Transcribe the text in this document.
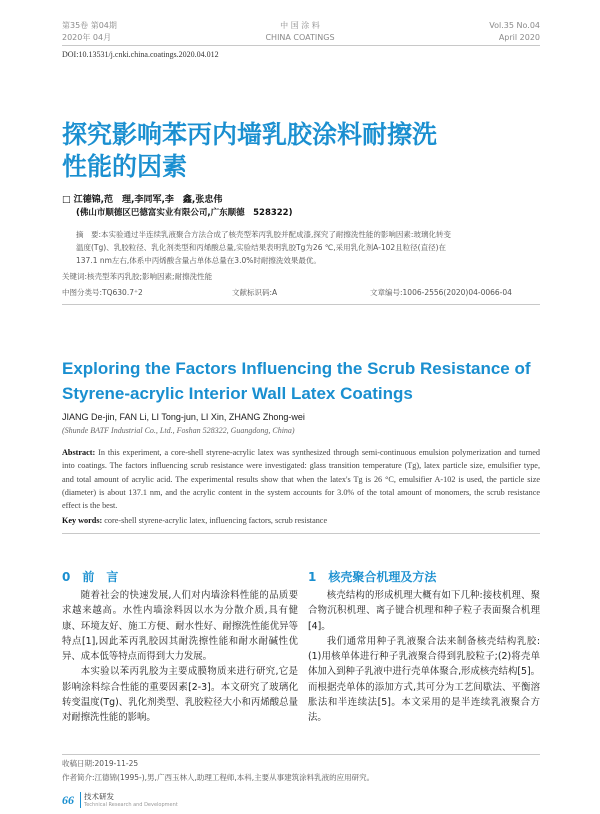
第35卷 第04期
2020年 04月
中 国 涂 料
CHINA COATINGS
Vol.35 No.04
April 2020
DOI:10.13531/j.cnki.china.coatings.2020.04.012
探究影响苯丙内墙乳胶涂料耐擦洗
性能的因素
□ 江德锦,范　理,李同军,李　鑫,张忠伟
(佛山市顺德区巴德富实业有限公司,广东顺德　528322)
摘　要:本实验通过半连续乳液聚合方法合成了核壳型苯丙乳胶并配成漆,探究了耐擦洗性能的影响因素:玻璃化转变
温度(Tg)、乳胶粒径、乳化剂类型和丙烯酸总量,实验结果表明乳胶Tg为26 ℃,采用乳化剂A-102且粒径(直径)在
137.1 nm左右,体系中丙烯酸含量占单体总量在3.0%时耐擦洗效果最优。
关键词:核壳型苯丙乳胶;影响因素;耐擦洗性能
中图分类号:TQ630.7⁺2	文献标识码:A	文章编号:1006-2556(2020)04-0066-04
Exploring the Factors Influencing the Scrub Resistance of
Styrene-acrylic Interior Wall Latex Coatings
JIANG De-jin, FAN Li, LI Tong-jun, LI Xin, ZHANG Zhong-wei
(Shunde BATF Industrial Co., Ltd., Foshan 528322, Guangdong, China)
Abstract: In this experiment, a core-shell styrene-acrylic latex was synthesized through semi-continuous emulsion polymerization and turned into coatings. The factors influencing scrub resistance were investigated: glass transition temperature (Tg), latex particle size, emulsifier type, and total amount of acrylic acid. The experimental results show that when the latex's Tg is 26 °C, emulsifier A-102 is used, the particle size (diameter) is about 137.1 nm, and the acrylic content in the system accounts for 3.0% of the total amount of monomers, the scrub resistance effect is the best.
Key words: core-shell styrene-acrylic latex, influencing factors, scrub resistance
0　前　言

随着社会的快速发展,人们对内墙涂料性能的品质要求越来越高。水性内墙涂料因以水为分散介质,具有健康、环境友好、施工方便、耐水性好、耐擦洗性能优异等特点[1],因此苯丙乳胶因其耐洗擦性能和耐水耐碱性优异、成本低等特点而得到大力发展。

本实验以苯丙乳胶为主要成膜物质来进行研究,它是影响涂料综合性能的重要因素[2-3]。本文研究了玻璃化转变温度(Tg)、乳化剂类型、乳胶粒径大小和丙烯酸总量对耐擦洗性能的影响。

1　核壳聚合机理及方法

核壳结构的形成机理大概有如下几种:接枝机理、聚合物沉积机理、离子键合机理和种子粒子表面聚合机理[4]。

我们通常用种子乳液聚合法来制备核壳结构乳胶:(1)用核单体进行种子乳液聚合得到乳胶粒子;(2)将壳单体加入到种子乳液中进行壳单体聚合,形成核壳结构[5]。而根据壳单体的添加方式,其可分为工艺间歇法、平衡溶胀法和半连续法[5]。本文采用的是半连续乳液聚合方法。

收稿日期:2019-11-25
作者简介:江德锦(1995-),男,广西玉林人,助理工程师,本科,主要从事建筑涂料乳液的应用研究。
66 技术研发
Technical Research and Development
